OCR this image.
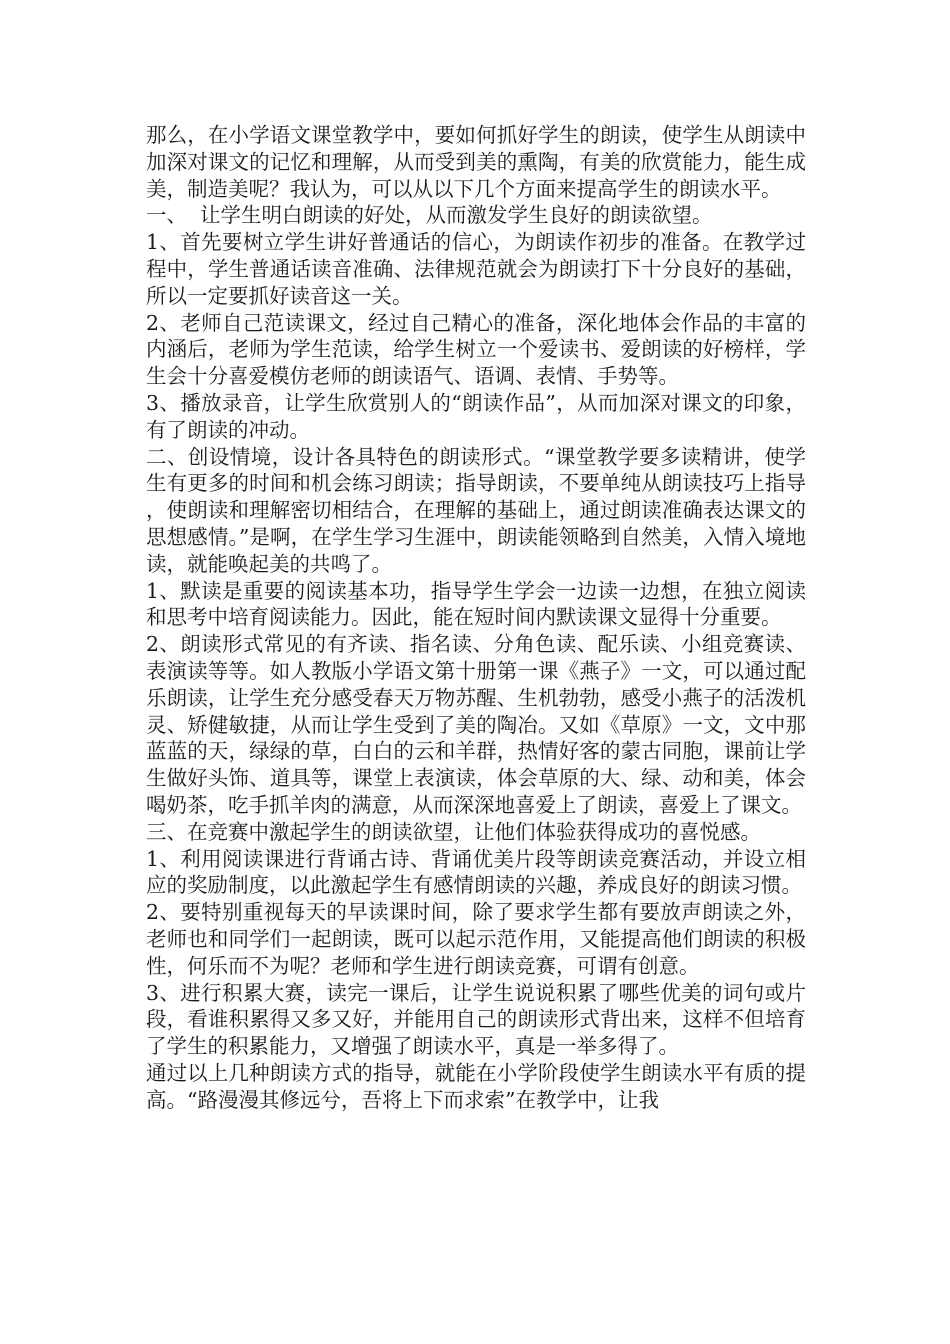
那么，在小学语文课堂教学中，要如何抓好学生的朗读，使学生从朗读中加深对课文的记忆和理解，从而受到美的熏陶，有美的欣赏能力，能生成美，制造美呢？我认为，可以从以下几个方面来提高学生的朗读水平。

一、  让学生明白朗读的好处，从而激发学生良好的朗读欲望。

1、首先要树立学生讲好普通话的信心，为朗读作初步的准备。在教学过程中，学生普通话读音准确、法律规范就会为朗读打下十分良好的基础，所以一定要抓好读音这一关。

2、老师自己范读课文，经过自己精心的准备，深化地体会作品的丰富的内涵后，老师为学生范读，给学生树立一个爱读书、爱朗读的好榜样，学生会十分喜爱模仿老师的朗读语气、语调、表情、手势等。

3、播放录音，让学生欣赏别人的“朗读作品”，从而加深对课文的印象，有了朗读的冲动。

二、创设情境，设计各具特色的朗读形式。“课堂教学要多读精讲，使学生有更多的时间和机会练习朗读；指导朗读，不要单纯从朗读技巧上指导，使朗读和理解密切相结合，在理解的基础上，通过朗读准确表达课文的思想感情。”是啊，在学生学习生涯中，朗读能领略到自然美，入情入境地读，就能唤起美的共鸣了。

1、默读是重要的阅读基本功，指导学生学会一边读一边想，在独立阅读和思考中培育阅读能力。因此，能在短时间内默读课文显得十分重要。

2、朗读形式常见的有齐读、指名读、分角色读、配乐读、小组竞赛读、表演读等等。如人教版小学语文第十册第一课《燕子》一文，可以通过配乐朗读，让学生充分感受春天万物苏醒、生机勃勃，感受小燕子的活泼机灵、矫健敏捷，从而让学生受到了美的陶冶。又如《草原》一文，文中那蓝蓝的天，绿绿的草，白白的云和羊群，热情好客的蒙古同胞，课前让学生做好头饰、道具等，课堂上表演读，体会草原的大、绿、动和美，体会喝奶茶，吃手抓羊肉的满意，从而深深地喜爱上了朗读，喜爱上了课文。

三、在竞赛中激起学生的朗读欲望，让他们体验获得成功的喜悦感。

1、利用阅读课进行背诵古诗、背诵优美片段等朗读竞赛活动，并设立相应的奖励制度，以此激起学生有感情朗读的兴趣，养成良好的朗读习惯。

2、要特别重视每天的早读课时间，除了要求学生都有要放声朗读之外，老师也和同学们一起朗读，既可以起示范作用，又能提高他们朗读的积极性，何乐而不为呢？老师和学生进行朗读竞赛，可谓有创意。

3、进行积累大赛，读完一课后，让学生说说积累了哪些优美的词句或片段，看谁积累得又多又好，并能用自己的朗读形式背出来，这样不但培育了学生的积累能力，又增强了朗读水平，真是一举多得了。

通过以上几种朗读方式的指导，就能在小学阶段使学生朗读水平有质的提高。“路漫漫其修远兮，吾将上下而求索”在教学中，让我
